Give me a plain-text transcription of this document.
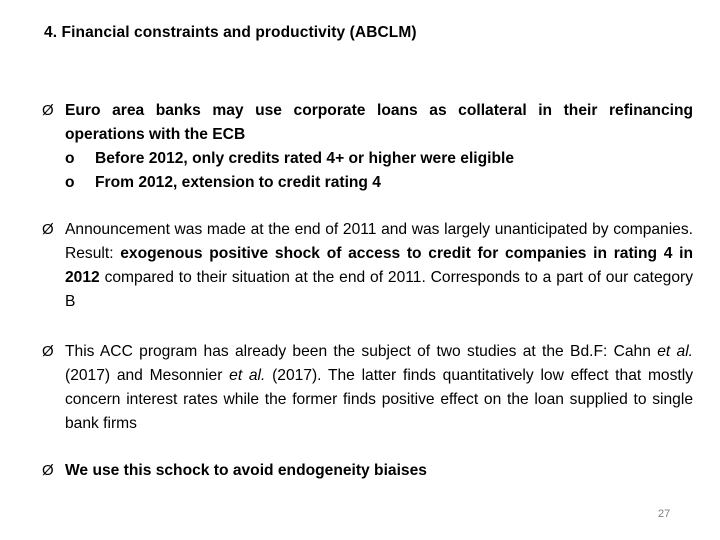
4. Financial constraints and productivity (ABCLM)
Ø Euro area banks may use corporate loans as collateral in their refinancing operations with the ECB
o	Before 2012, only credits rated 4+ or higher were eligible
o	From 2012, extension to credit rating 4
Ø Announcement was made at the end of 2011 and was largely unanticipated by companies. Result: exogenous positive shock of access to credit for companies in rating 4 in 2012 compared to their situation at the end of 2011. Corresponds to a part of our category B
Ø This ACC program has already been the subject of two studies at the Bd.F: Cahn et al. (2017) and Mesonnier et al. (2017). The latter finds quantitatively low effect that mostly concern interest rates while the former finds positive effect on the loan supplied to single bank firms
Ø We use this schock to avoid endogeneity biaises
27
